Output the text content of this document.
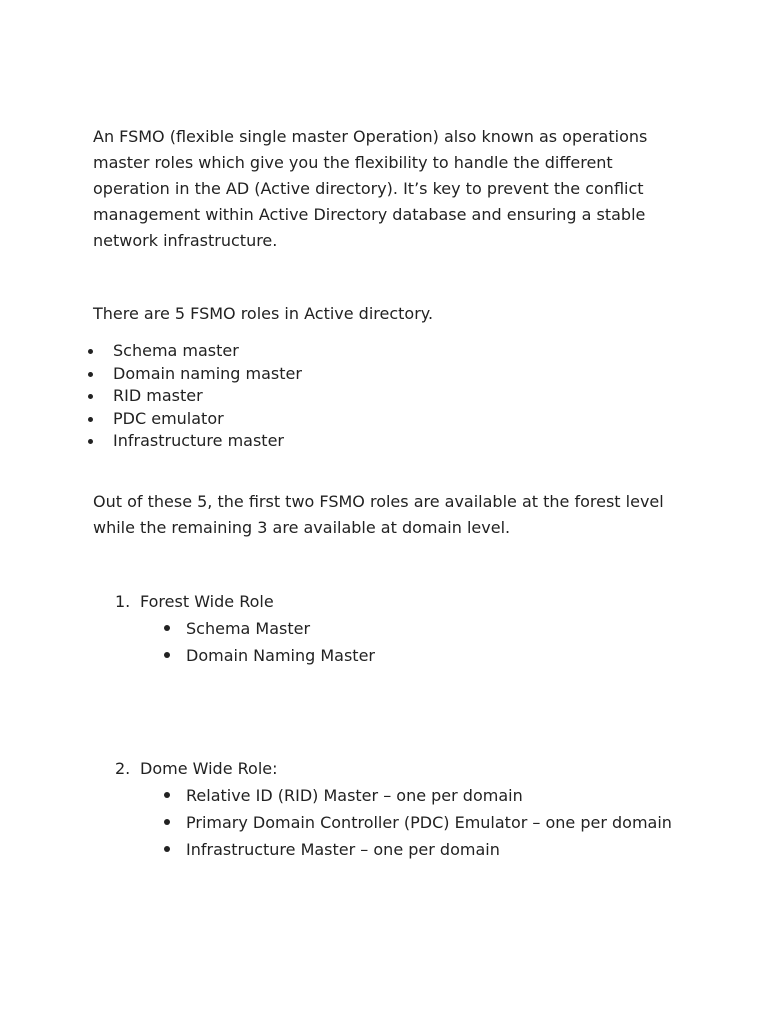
An FSMO (flexible single master Operation) also known as operations master roles which give you the flexibility to handle the different operation in the AD (Active directory). It’s key to prevent the conflict management within Active Directory database and ensuring a stable network infrastructure.

There are 5 FSMO roles in Active directory.

Schema master
Domain naming master
RID master
PDC emulator
Infrastructure master

Out of these 5, the first two FSMO roles are available at the forest level while the remaining 3 are available at domain level.

1. Forest Wide Role
Schema Master
Domain Naming Master
2. Dome Wide Role:
Relative ID (RID) Master – one per domain
Primary Domain Controller (PDC) Emulator – one per domain
Infrastructure Master – one per domain
